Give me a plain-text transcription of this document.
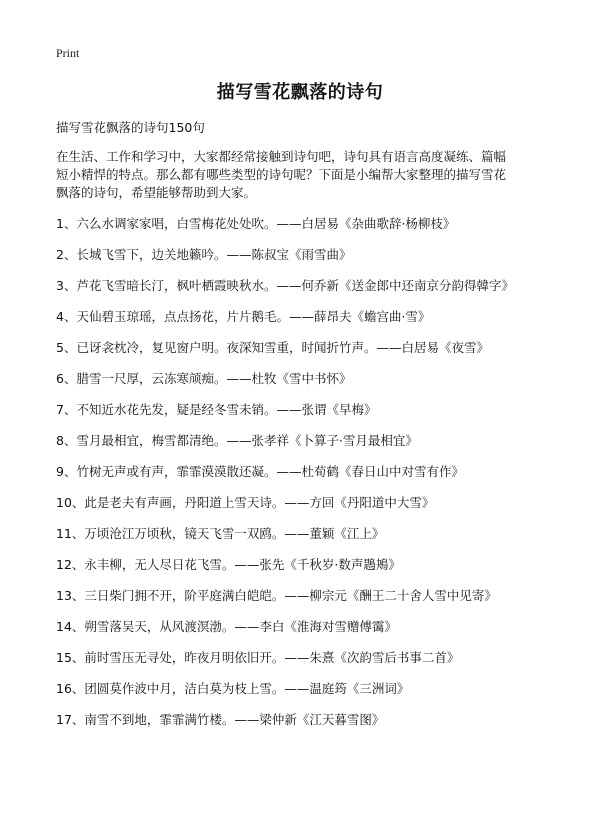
Print
描写雪花飘落的诗句
描写雪花飘落的诗句150句
在生活、工作和学习中，大家都经常接触到诗句吧，诗句具有语言高度凝练、篇幅
短小精悍的特点。那么都有哪些类型的诗句呢？下面是小编帮大家整理的描写雪花
飘落的诗句，希望能够帮助到大家。
1、六么水调家家唱，白雪梅花处处吹。——白居易《杂曲歌辞·杨柳枝》
2、长城飞雪下，边关地籁吟。——陈叔宝《雨雪曲》
3、芦花飞雪暗长汀，枫叶栖霞映秋水。——何乔新《送金郎中还南京分韵得韓字》
4、天仙碧玉琼瑶，点点扬花，片片鹅毛。——薛昂夫《蟾宫曲·雪》
5、已讶衾枕冷，复见窗户明。夜深知雪重，时闻折竹声。——白居易《夜雪》
6、腊雪一尺厚，云冻寒颃痴。——杜牧《雪中书怀》
7、不知近水花先发，疑是经冬雪未销。——张谓《早梅》
8、雪月最相宜，梅雪都清绝。——张孝祥《卜算子·雪月最相宜》
9、竹树无声或有声，霏霏漠漠散还凝。——杜荀鹤《春日山中对雪有作》
10、此是老夫有声画，丹阳道上雪天诗。——方回《丹阳道中大雪》
11、万顷沧江万顷秋，镜天飞雪一双鸥。——董颖《江上》
12、永丰柳，无人尽日花飞雪。——张先《千秋岁·数声鶗鴂》
13、三日柴门拥不开，阶平庭满白皑皑。——柳宗元《酬王二十舍人雪中见寄》
14、朔雪落吴天，从风渡溟渤。——李白《淮海对雪赠傅霭》
15、前时雪压无寻处，昨夜月明依旧开。——朱熹《次韵雪后书事二首》
16、团圆莫作波中月，洁白莫为枝上雪。——温庭筠《三洲词》
17、南雪不到地，霏霏满竹楼。——梁仲新《江天暮雪图》
